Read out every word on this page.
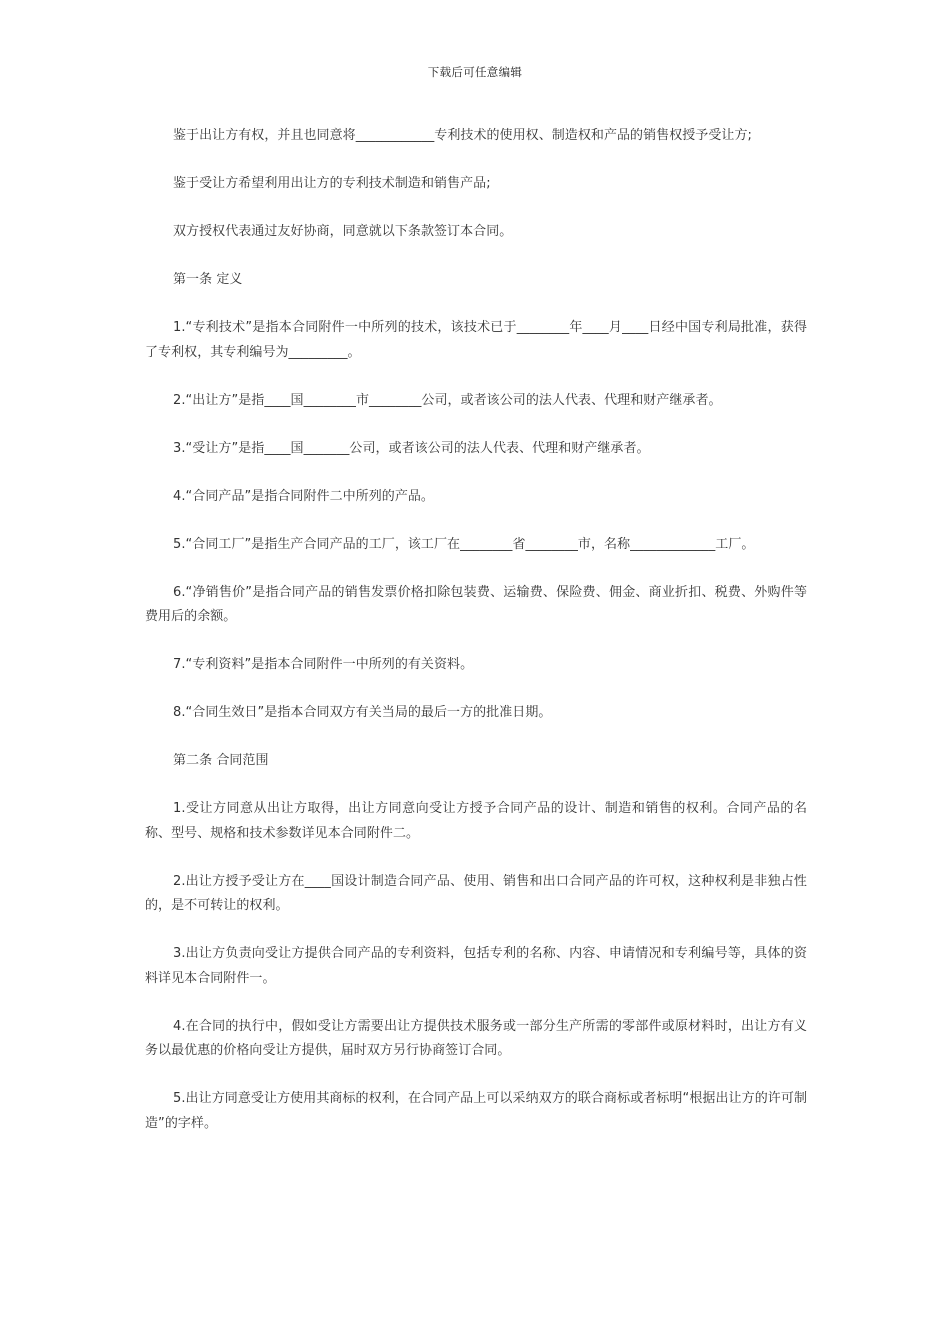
下载后可任意编辑

鉴于出让方有权，并且也同意将____________专利技术的使用权、制造权和产品的销售权授予受让方;

鉴于受让方希望利用出让方的专利技术制造和销售产品;

双方授权代表通过友好协商，同意就以下条款签订本合同。

第一条 定义

1.“专利技术”是指本合同附件一中所列的技术，该技术已于________年____月____日经中国专利局批准，获得了专利权，其专利编号为_________。

2.“出让方”是指____国________市________公司，或者该公司的法人代表、代理和财产继承者。

3.“受让方”是指____国_______公司，或者该公司的法人代表、代理和财产继承者。

4.“合同产品”是指合同附件二中所列的产品。

5.“合同工厂”是指生产合同产品的工厂，该工厂在________省________市，名称_____________工厂。

6.“净销售价”是指合同产品的销售发票价格扣除包装费、运输费、保险费、佣金、商业折扣、税费、外购件等费用后的余额。

7.“专利资料”是指本合同附件一中所列的有关资料。

8.“合同生效日”是指本合同双方有关当局的最后一方的批准日期。

第二条 合同范围

1.受让方同意从出让方取得，出让方同意向受让方授予合同产品的设计、制造和销售的权利。合同产品的名称、型号、规格和技术参数详见本合同附件二。

2.出让方授予受让方在____国设计制造合同产品、使用、销售和出口合同产品的许可权，这种权利是非独占性的，是不可转让的权利。

3.出让方负责向受让方提供合同产品的专利资料，包括专利的名称、内容、申请情况和专利编号等，具体的资料详见本合同附件一。

4.在合同的执行中，假如受让方需要出让方提供技术服务或一部分生产所需的零部件或原材料时，出让方有义务以最优惠的价格向受让方提供，届时双方另行协商签订合同。

5.出让方同意受让方使用其商标的权利，在合同产品上可以采纳双方的联合商标或者标明“根据出让方的许可制造”的字样。
